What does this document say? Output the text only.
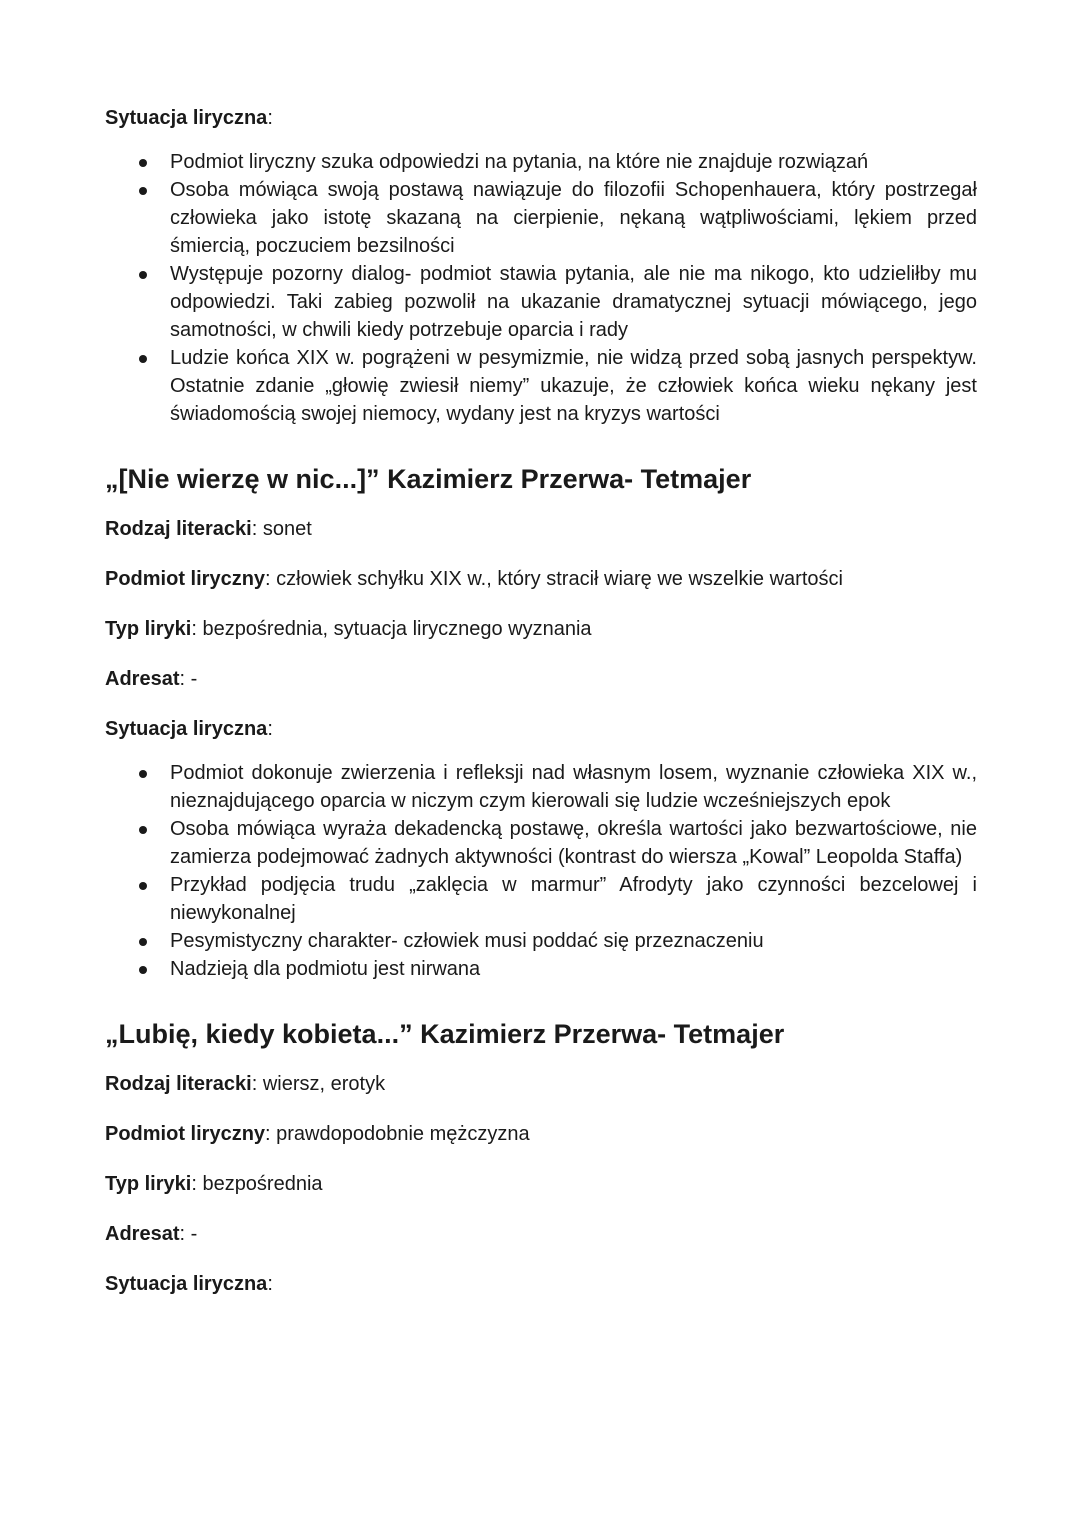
Sytuacja liryczna:
Podmiot liryczny szuka odpowiedzi na pytania, na które nie znajduje rozwiązań
Osoba mówiąca swoją postawą nawiązuje do filozofii Schopenhauera, który postrzegał człowieka jako istotę skazaną na cierpienie, nękaną wątpliwościami, lękiem przed śmiercią, poczuciem bezsilności
Występuje pozorny dialog- podmiot stawia pytania, ale nie ma nikogo, kto udzieliłby mu odpowiedzi. Taki zabieg pozwolił na ukazanie dramatycznej sytuacji mówiącego, jego samotności, w chwili kiedy potrzebuje oparcia i rady
Ludzie końca XIX w. pogrążeni w pesymizmie, nie widzą przed sobą jasnych perspektyw. Ostatnie zdanie „głowię zwiesił niemy” ukazuje, że człowiek końca wieku nękany jest świadomością swojej niemocy, wydany jest na kryzys wartości
„[Nie wierzę w nic...]” Kazimierz Przerwa- Tetmajer
Rodzaj literacki: sonet
Podmiot liryczny: człowiek schyłku XIX w., który stracił wiarę we wszelkie wartości
Typ liryki: bezpośrednia, sytuacja lirycznego wyznania
Adresat: -
Sytuacja liryczna:
Podmiot dokonuje zwierzenia i refleksji nad własnym losem, wyznanie człowieka XIX w., nieznajdującego oparcia w niczym czym kierowali się ludzie wcześniejszych epok
Osoba mówiąca wyraża dekadencką postawę, określa wartości jako bezwartościowe, nie zamierza podejmować żadnych aktywności (kontrast do wiersza „Kowal” Leopolda Staffa)
Przykład podjęcia trudu „zaklęcia w marmur” Afrodyty jako czynności bezcelowej i niewykonalnej
Pesymistyczny charakter- człowiek musi poddać się przeznaczeniu
Nadzieją dla podmiotu jest nirwana
„Lubię, kiedy kobieta...” Kazimierz Przerwa- Tetmajer
Rodzaj literacki: wiersz, erotyk
Podmiot liryczny: prawdopodobnie mężczyzna
Typ liryki: bezpośrednia
Adresat: -
Sytuacja liryczna:
